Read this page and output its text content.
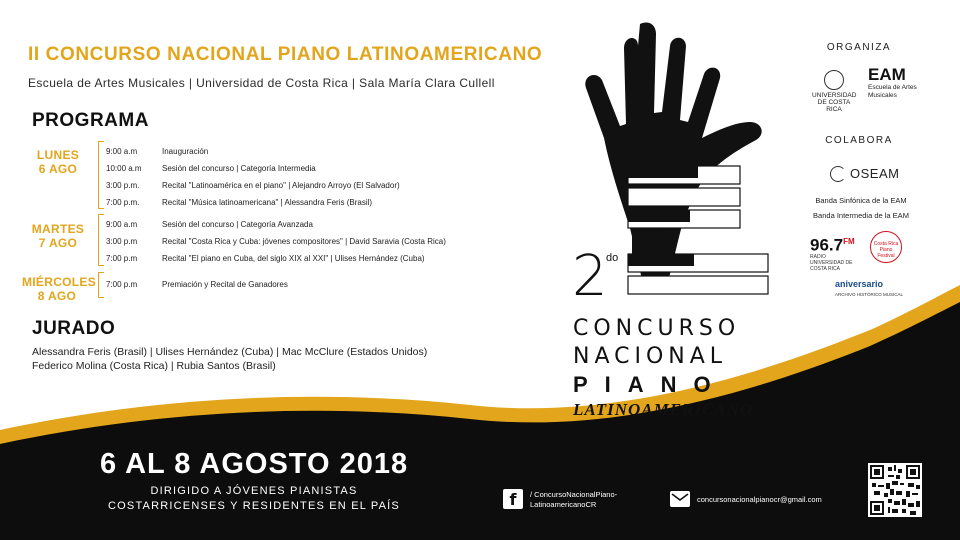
II CONCURSO NACIONAL PIANO LATINOAMERICANO
Escuela de Artes Musicales | Universidad de Costa Rica | Sala María Clara Cullell
PROGRAMA
LUNES
6 AGO
9:00 a.m	Inauguración
10:00 a.m	Sesión del concurso | Categoría Intermedia
3:00 p.m.	Recital "Latinoamérica en el piano" | Alejandro Arroyo (El Salvador)
7:00 p.m.	Recital "Música latinoamericana" | Alessandra Feris (Brasil)
MARTES
7 AGO
9:00 a.m	Sesión del concurso | Categoría Avanzada
3:00 p.m	Recital "Costa Rica y Cuba: jóvenes compositores" | David Saravia (Costa Rica)
7:00 p.m	Recital "El piano en Cuba, del siglo XIX al XXI" | Ulises Hernández (Cuba)
MIÉRCOLES
8 AGO
7:00 p.m	Premiación y Recital de Ganadores
JURADO
Alessandra Feris (Brasil) | Ulises Hernández (Cuba) | Mac McClure (Estados Unidos)
Federico Molina (Costa Rica) | Rubia Santos (Brasil)
2
do
CONCURSO
NACIONAL
PIANO
LATINOAMERICANO
ORGANIZA
UNIVERSIDAD DE COSTA RICA
EAM
Escuela de Artes Musicales
COLABORA
OSEAM
Banda Sinfónica de la EAM
Banda Intermedia de la EAM
$96.7^{FM}$
RADIO UNIVERSIDAD DE COSTA RICA
Costa Rica Piano Festival
aniversario
ARCHIVO HISTÓRICO MUSICAL
6 AL 8 AGOSTO 2018
DIRIGIDO A JÓVENES PIANISTAS
COSTARRICENSES Y RESIDENTES EN EL PAÍS	f	/ ConcursoNacionalPiano-
LatinoamericanoCR
concursonacionalpianocr@gmail.com
